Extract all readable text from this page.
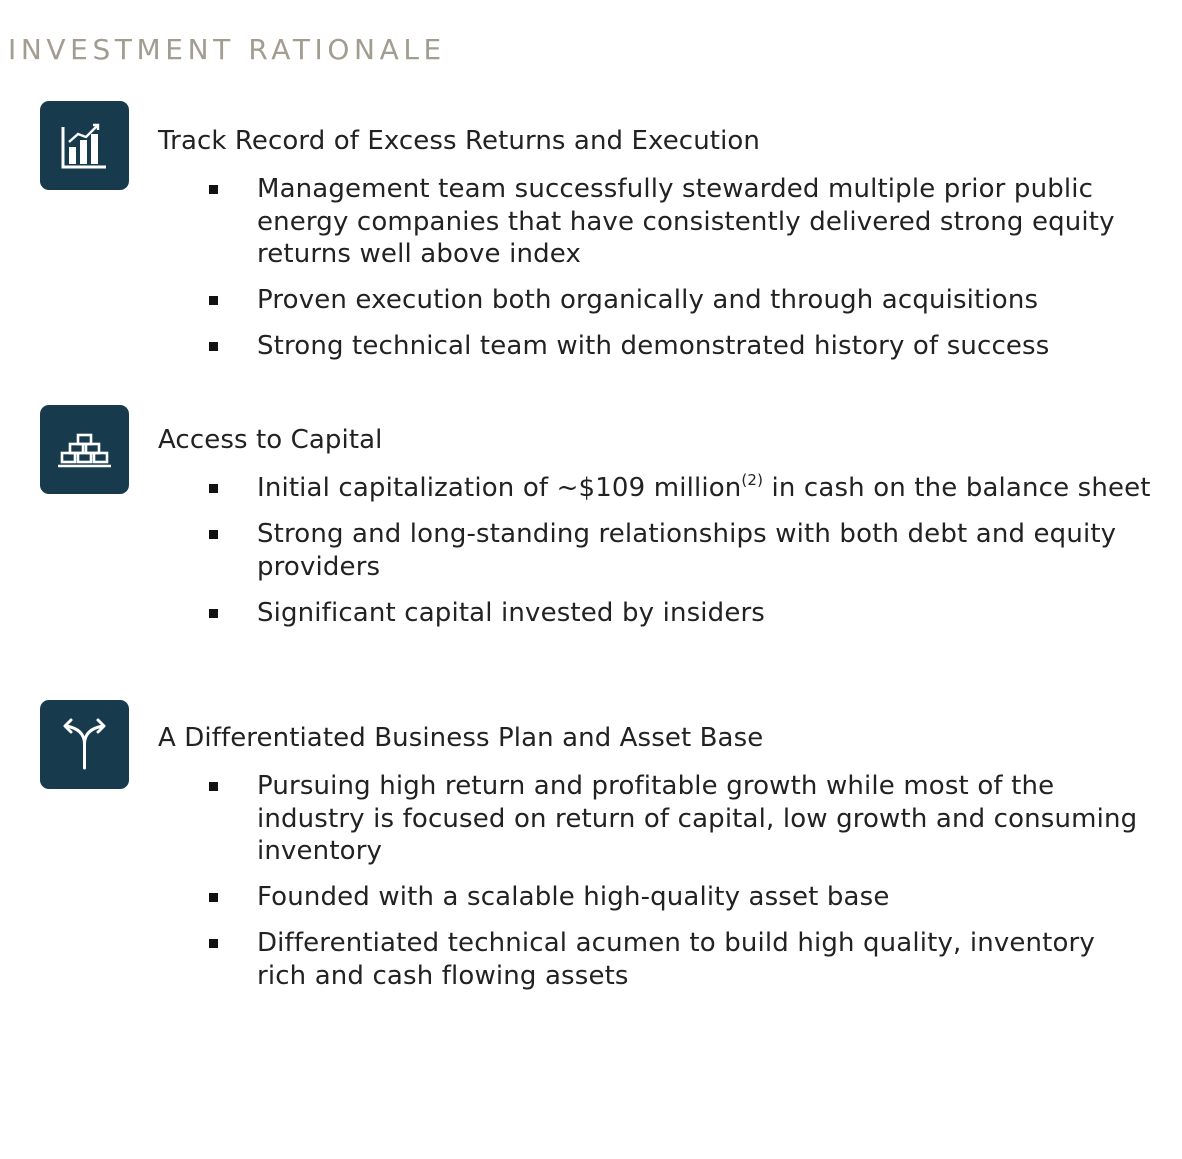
INVESTMENT RATIONALE
Track Record of Excess Returns and Execution
Management team successfully stewarded multiple prior public energy companies that have consistently delivered strong equity returns well above index
Proven execution both organically and through acquisitions
Strong technical team with demonstrated history of success
Access to Capital
Initial capitalization of ~$109 million$^{(2)}$ in cash on the balance sheet
Strong and long-standing relationships with both debt and equity providers
Significant capital invested by insiders
A Differentiated Business Plan and Asset Base
Pursuing high return and profitable growth while most of the industry is focused on return of capital, low growth and consuming inventory
Founded with a scalable high-quality asset base
Differentiated technical acumen to build high quality, inventory rich and cash flowing assets
